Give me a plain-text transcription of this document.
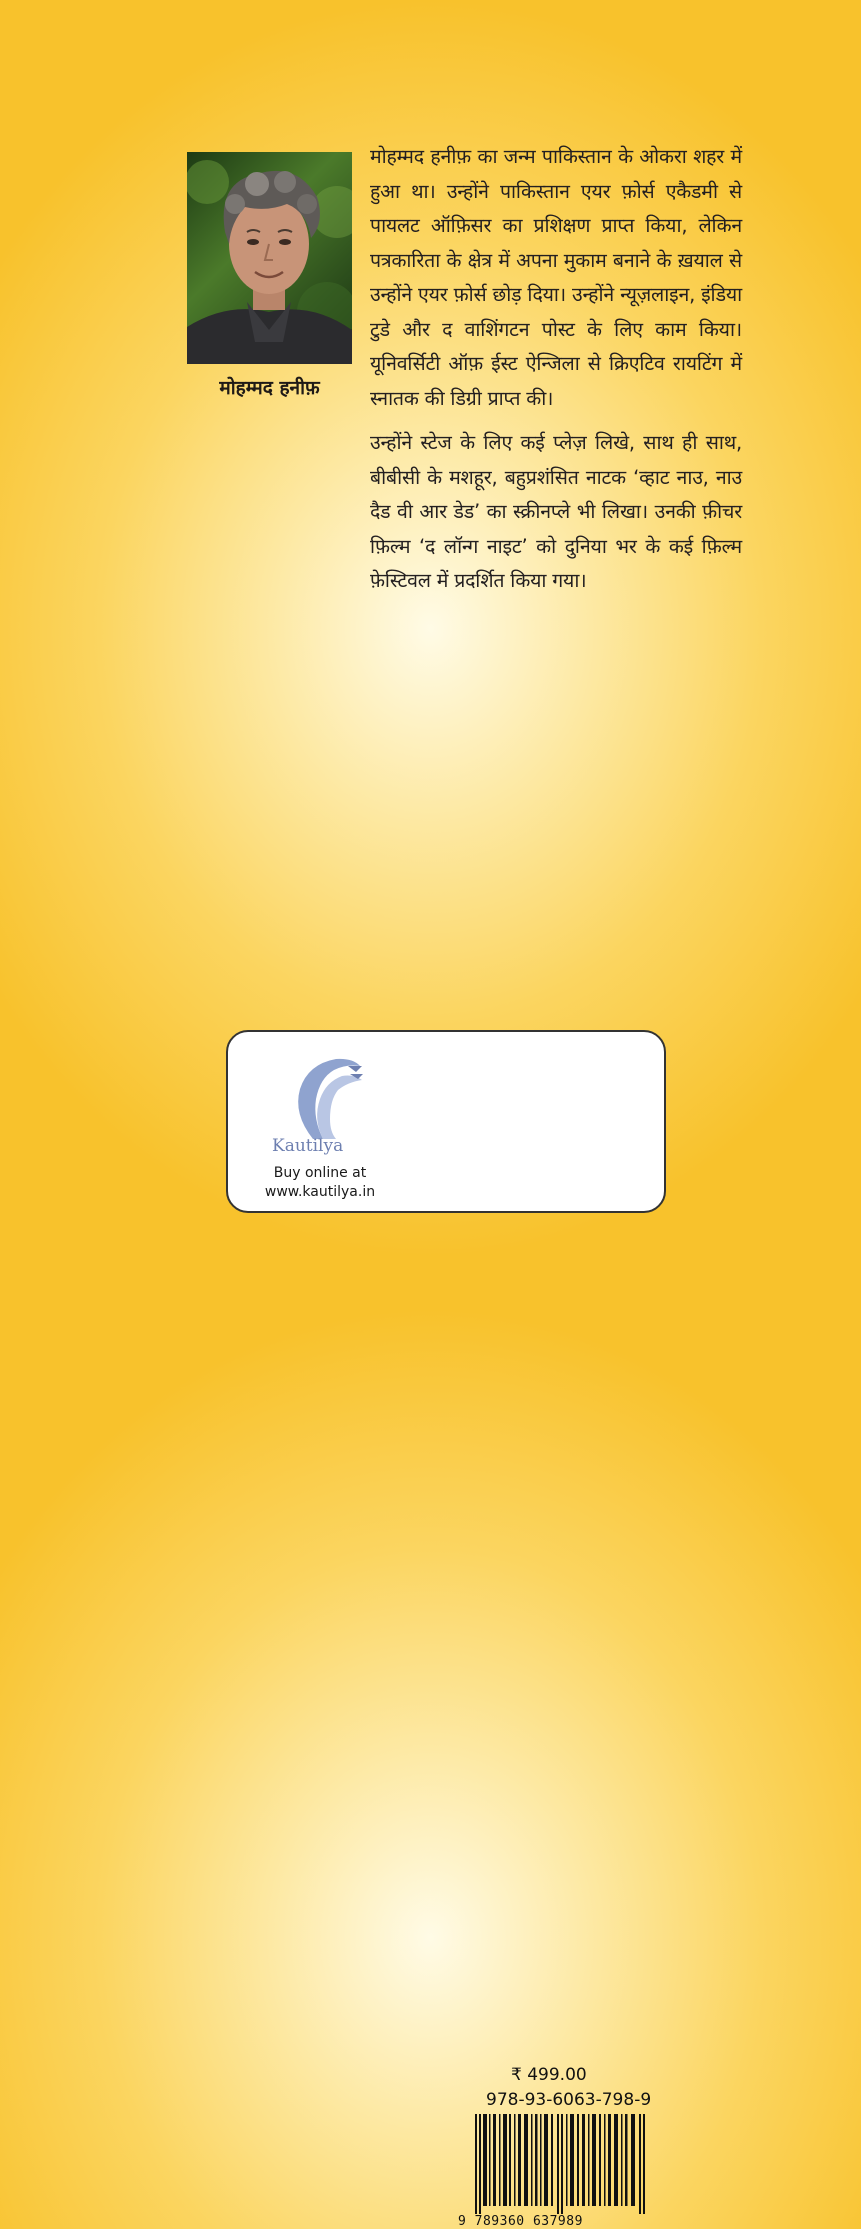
मोहम्मद हनीफ़

मोहम्मद हनीफ़ का जन्म पाकिस्तान के ओकरा शहर में हुआ था। उन्होंने पाकिस्तान एयर फ़ोर्स एकैडमी से पायलट ऑफ़िसर का प्रशिक्षण प्राप्त किया, लेकिन पत्रकारिता के क्षेत्र में अपना मुकाम बनाने के ख़याल से उन्होंने एयर फ़ोर्स छोड़ दिया। उन्होंने न्यूज़लाइन, इंडिया टुडे और द वाशिंगटन पोस्ट के लिए काम किया। यूनिवर्सिटी ऑफ़ ईस्ट ऐन्जिला से क्रिएटिव रायटिंग में स्नातक की डिग्री प्राप्त की।

उन्होंने स्टेज के लिए कई प्लेज़ लिखे, साथ ही साथ, बीबीसी के मशहूर, बहुप्रशंसित नाटक ‘व्हाट नाउ, नाउ दैड वी आर डेड’ का स्क्रीनप्ले भी लिखा। उनकी फ़ीचर फ़िल्म ‘द लॉन्ग नाइट’ को दुनिया भर के कई फ़िल्म फ़ेस्टिवल में प्रदर्शित किया गया।

Kautilya
Buy online at
www.kautilya.in
₹ 499.00
978-93-6063-798-9
9 789360 637989
